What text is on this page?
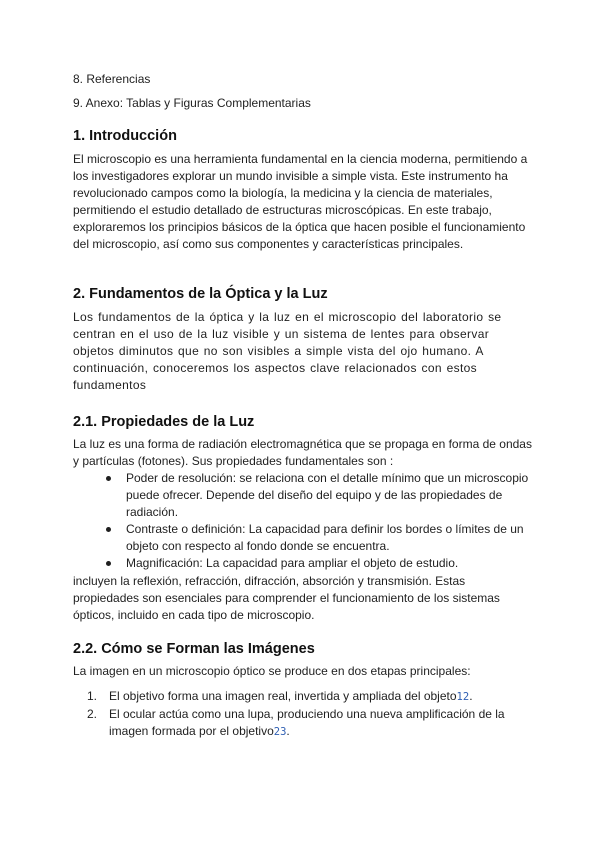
8. Referencias

9. Anexo: Tablas y Figuras Complementarias

1. Introducción

El microscopio es una herramienta fundamental en la ciencia moderna, permitiendo a los investigadores explorar un mundo invisible a simple vista. Este instrumento ha revolucionado campos como la biología, la medicina y la ciencia de materiales, permitiendo el estudio detallado de estructuras microscópicas. En este trabajo, exploraremos los principios básicos de la óptica que hacen posible el funcionamiento del microscopio, así como sus componentes y características principales.

2. Fundamentos de la Óptica y la Luz

Los fundamentos de la óptica y la luz en el microscopio del laboratorio se centran en el uso de la luz visible y un sistema de lentes para observar objetos diminutos que no son visibles a simple vista del ojo humano. A continuación, conoceremos los aspectos clave relacionados con estos fundamentos

2.1. Propiedades de la Luz

La luz es una forma de radiación electromagnética que se propaga en forma de ondas y partículas (fotones). Sus propiedades fundamentales son :

Poder de resolución: se relaciona con el detalle mínimo que un microscopio puede ofrecer. Depende del diseño del equipo y de las propiedades de radiación.
Contraste o definición: La capacidad para definir los bordes o límites de un objeto con respecto al fondo donde se encuentra.
Magnificación: La capacidad para ampliar el objeto de estudio.

incluyen la reflexión, refracción, difracción, absorción y transmisión. Estas propiedades son esenciales para comprender el funcionamiento de los sistemas ópticos, incluido en cada tipo de microscopio.

2.2. Cómo se Forman las Imágenes

La imagen en un microscopio óptico se produce en dos etapas principales:

1. El objetivo forma una imagen real, invertida y ampliada del objeto12.
2. El ocular actúa como una lupa, produciendo una nueva amplificación de la imagen formada por el objetivo23.
